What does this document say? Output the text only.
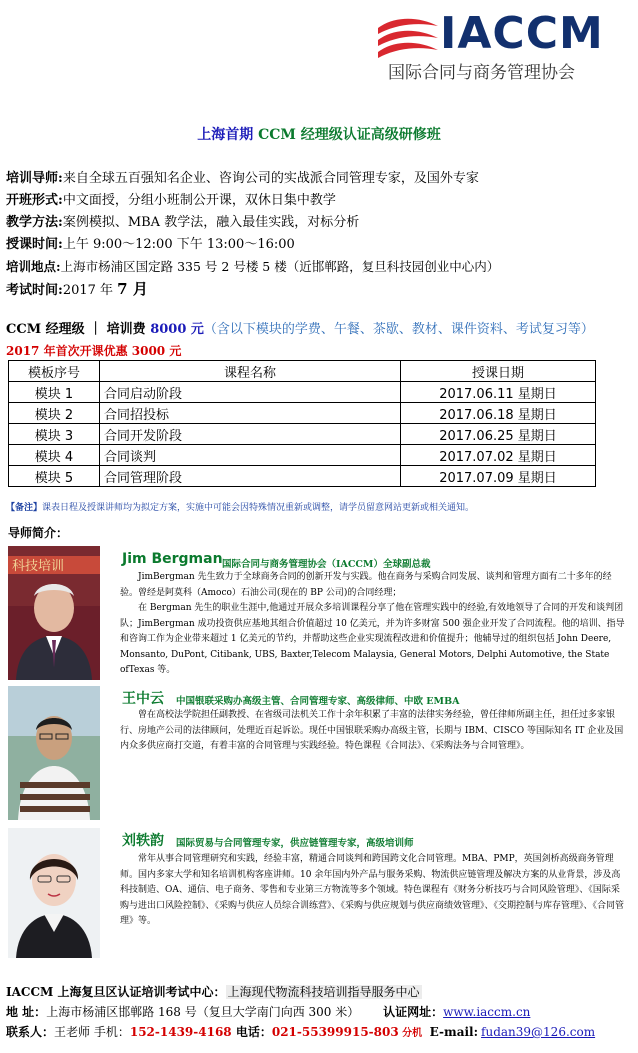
IACCM
国际合同与商务管理协会
上海首期 CCM 经理级认证高级研修班
培训导师:来自全球五百强知名企业、咨询公司的实战派合同管理专家，及国外专家
开班形式:中文面授，分组小班制公开课，双休日集中教学
教学方法:案例模拟、MBA 教学法，融入最佳实践，对标分析
授课时间:上午 9:00～12:00 下午 13:00～16:00
培训地点:上海市杨浦区国定路 335 号 2 号楼 5 楼（近邯郸路，复旦科技园创业中心内）
考试时间:2017 年 7 月
CCM 经理级 ｜ 培训费 8000 元（含以下模块的学费、午餐、茶歇、教材、课件资料、考试复习等）
2017 年首次开课优惠 3000 元
模板序号	课程名称	授课日期
模块 1	合同启动阶段	2017.06.11 星期日
模块 2	合同招投标	2017.06.18 星期日
模块 3	合同开发阶段	2017.06.25 星期日
模块 4	合同谈判	2017.07.02 星期日
模块 5	合同管理阶段	2017.07.09 星期日
【备注】课表日程及授课讲师均为拟定方案，实施中可能会因特殊情况重新或调整，请学员留意网站更新或相关通知。
导师简介：
科技培训	Jim Bergman 国际合同与商务管理协会（IACCM）全球副总裁
JimBergman 先生致力于全球商务合同的创新开发与实践。他在商务与采购合同发展、谈判和管理方面有二十多年的经验。曾经是阿莫科（Amoco）石油公司(现在的 BP 公司)的合同经理；
在 Bergman 先生的职业生涯中,他通过开展众多培训课程分享了他在管理实践中的经验,有效地领导了合同的开发和谈判团队；JimBergman 成功投资供应基地其组合价值超过 10 亿美元，并为许多财富 500 强企业开发了合同流程。他的培训、指导和咨询工作为企业带来超过 1 亿美元的节约，并帮助这些企业实现流程改进和价值提升；他辅导过的组织包括 John Deere, Monsanto, DuPont, Citibank, UBS, Baxter,Telecom Malaysia, General Motors, Delphi Automotive, the State ofTexas 等。
王中云 中国银联采购办高级主管、合同管理专家、高级律师、中欧 EMBA
曾在高校法学院担任副教授、在省级司法机关工作十余年积累了丰富的法律实务经验，曾任律师所副主任，担任过多家银行、房地产公司的法律顾问，处理近百起诉讼。现任中国银联采购办高级主管，长期与 IBM、CISCO 等国际知名 IT 企业及国内众多供应商打交道，有着丰富的合同管理与实践经验。特色课程《合同法》、《采购法务与合同管理》。
刘轶韵 国际贸易与合同管理专家，供应链管理专家，高级培训师
常年从事合同管理研究和实践，经验丰富，精通合同谈判和跨国跨文化合同管理。MBA、PMP，英国剑桥高级商务管理师。国内多家大学和知名培训机构客座讲师。10 余年国内外产品与服务采购、物流供应链管理及解决方案的从业背景，涉及高科技制造、OA、通信、电子商务、零售和专业第三方物流等多个领域。特色课程有《财务分析技巧与合同风险管理》、《国际采购与进出口风险控制》、《采购与供应人员综合训练营》、《采购与供应规划与供应商绩效管理》、《交期控制与库存管理》、《合同管理》等。
IACCM 上海复旦区认证培训考试中心： 上海现代物流科技培训指导服务中心
地 址：上海市杨浦区邯郸路 168 号（复旦大学南门向西 300 米） 认证网址：www.iaccm.cn
联系人：王老师 手机：152-1439-4168 电话：021-55399915-803 分机 E-mail: fudan39@126.com
